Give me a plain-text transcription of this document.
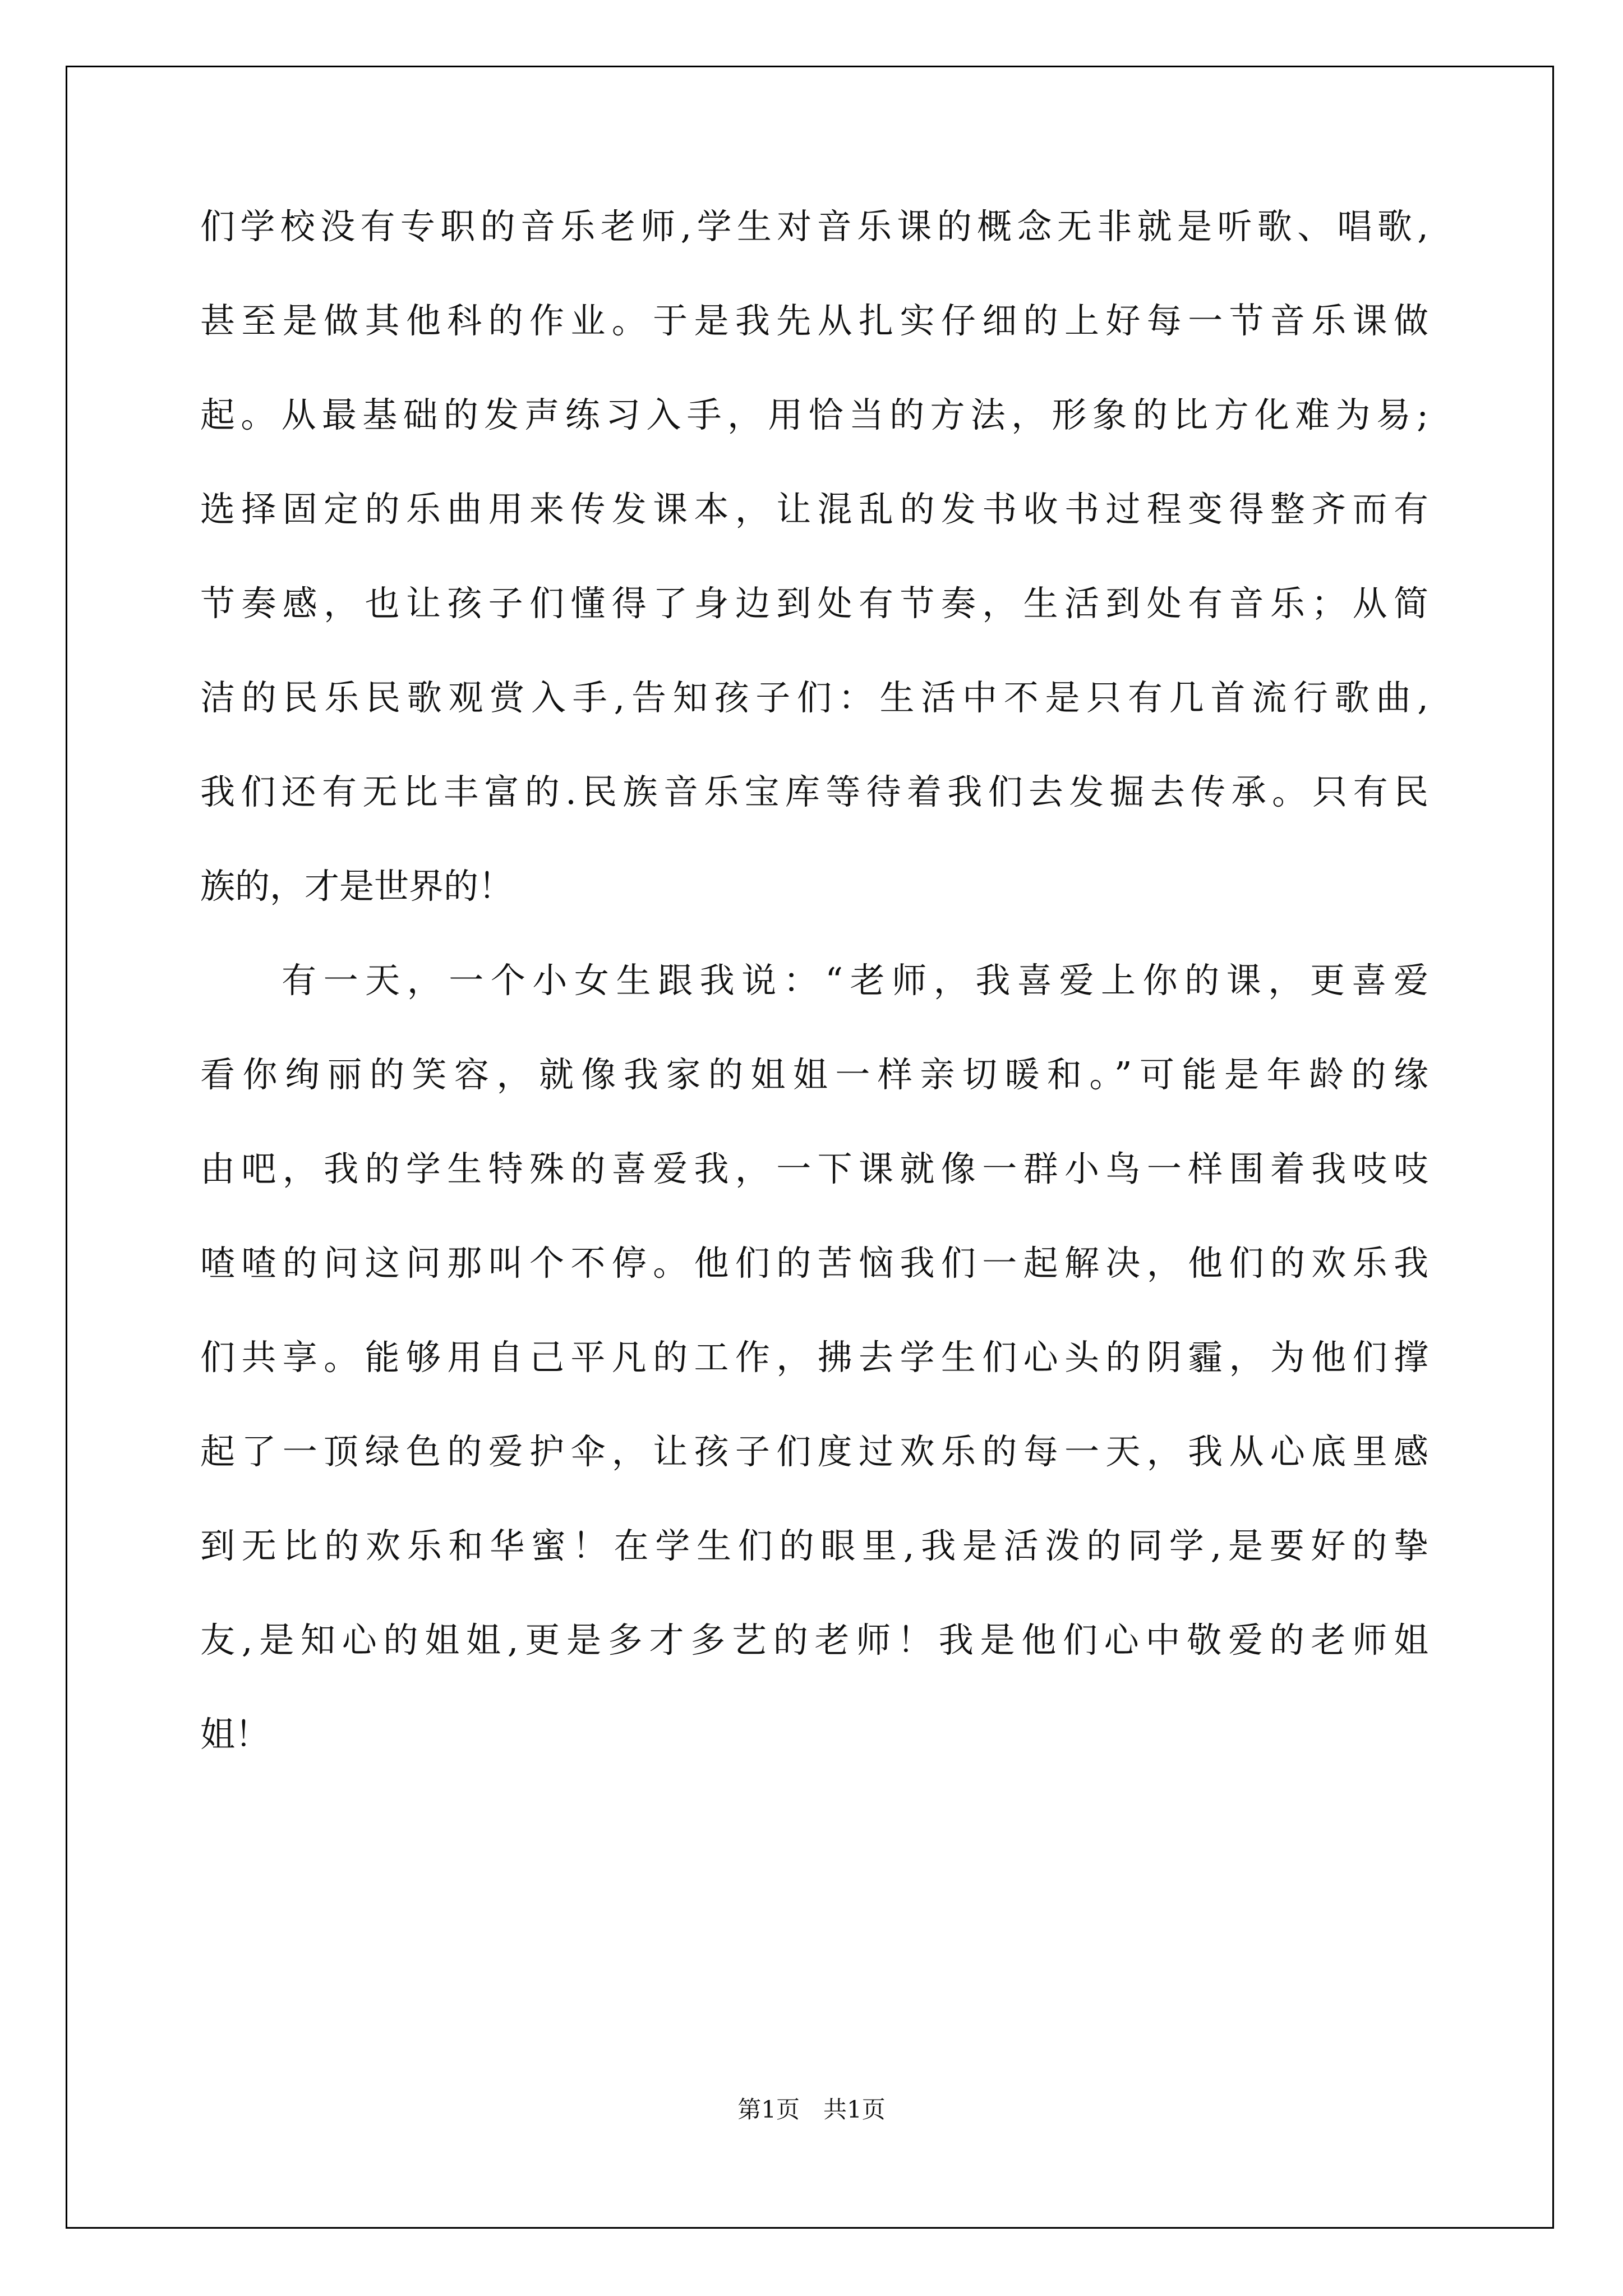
们学校没有专职的音乐老师,学生对音乐课的概念无非就是听歌、唱歌,
甚至是做其他科的作业。于是我先从扎实仔细的上好每一节音乐课做
起。从最基础的发声练习入手，用恰当的方法，形象的比方化难为易;
选择固定的乐曲用来传发课本，让混乱的发书收书过程变得整齐而有
节奏感，也让孩子们懂得了身边到处有节奏，生活到处有音乐；从简
洁的民乐民歌观赏入手,告知孩子们：生活中不是只有几首流行歌曲,
我们还有无比丰富的.民族音乐宝库等待着我们去发掘去传承。只有民
族的，才是世界的！
有一天，一个小女生跟我说：“老师，我喜爱上你的课，更喜爱
看你绚丽的笑容，就像我家的姐姐一样亲切暖和。”可能是年龄的缘
由吧，我的学生特殊的喜爱我，一下课就像一群小鸟一样围着我吱吱
喳喳的问这问那叫个不停。他们的苦恼我们一起解决，他们的欢乐我
们共享。能够用自己平凡的工作，拂去学生们心头的阴霾，为他们撑
起了一顶绿色的爱护伞，让孩子们度过欢乐的每一天，我从心底里感
到无比的欢乐和华蜜！在学生们的眼里,我是活泼的同学,是要好的挚
友,是知心的姐姐,更是多才多艺的老师！我是他们心中敬爱的老师姐
姐！
第1页　共1页
